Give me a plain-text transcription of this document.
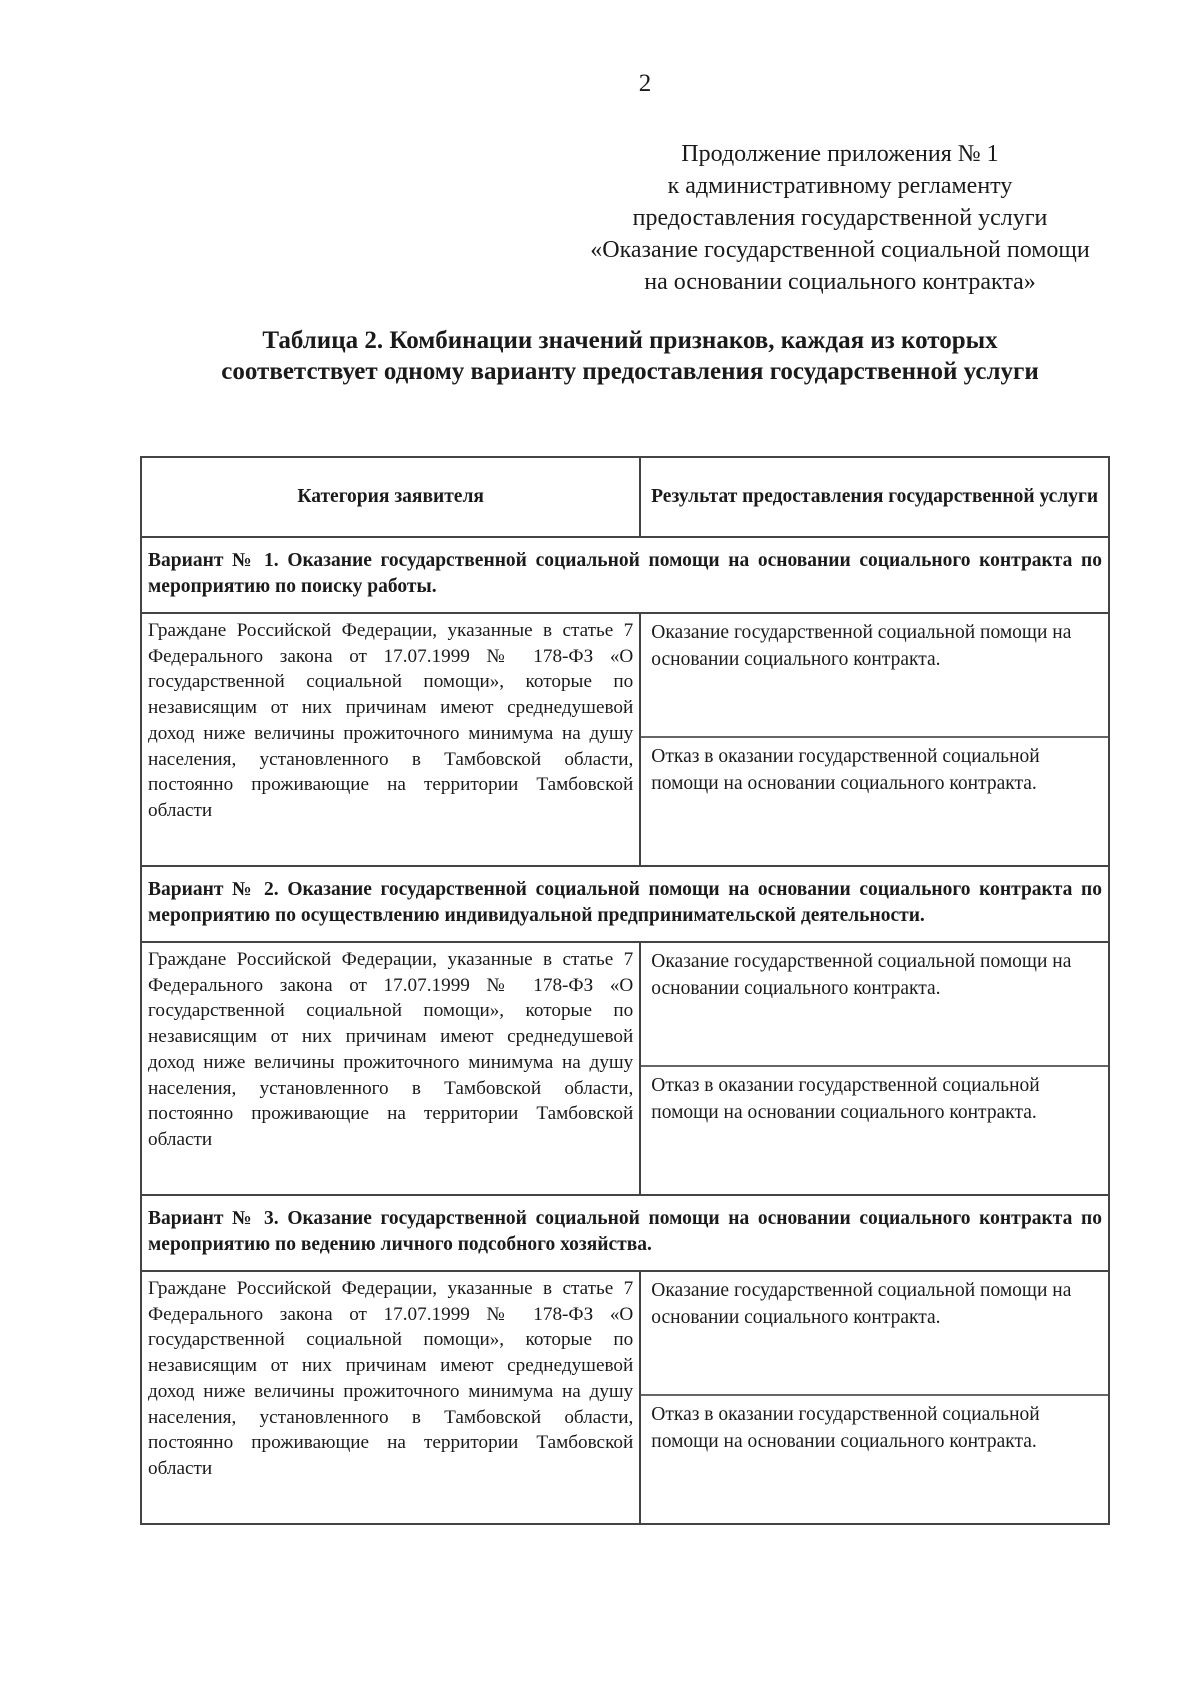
2
Продолжение приложения № 1
к административному регламенту
предоставления государственной услуги
«Оказание государственной социальной помощи
на основании социального контракта»
Таблица 2. Комбинации значений признаков, каждая из которых соответствует одному варианту предоставления государственной услуги
Категория заявителя	Результат предоставления государственной услуги
Вариант № 1. Оказание государственной социальной помощи на основании социального контракта по мероприятию по поиску работы.	
Граждане Российской Федерации, указанные в статье 7 Федерального закона от 17.07.1999 № 178-ФЗ «О государственной социальной помощи», которые по независящим от них причинам имеют среднедушевой доход ниже величины прожиточного минимума на душу населения, установленного в Тамбовской области, постоянно проживающие на территории Тамбовской области	Оказание государственной социальной помощи на основании социального контракта.
Отказ в оказании государственной социальной помощи на основании социального контракта.

Вариант № 2. Оказание государственной социальной помощи на основании социального контракта по мероприятию по осуществлению индивидуальной предпринимательской деятельности.	
Граждане Российской Федерации, указанные в статье 7 Федерального закона от 17.07.1999 № 178-ФЗ «О государственной социальной помощи», которые по независящим от них причинам имеют среднедушевой доход ниже величины прожиточного минимума на душу населения, установленного в Тамбовской области, постоянно проживающие на территории Тамбовской области	Оказание государственной социальной помощи на основании социального контракта.
Отказ в оказании государственной социальной помощи на основании социального контракта.

Вариант № 3. Оказание государственной социальной помощи на основании социального контракта по мероприятию по ведению личного подсобного хозяйства.	
Граждане Российской Федерации, указанные в статье 7 Федерального закона от 17.07.1999 № 178-ФЗ «О государственной социальной помощи», которые по независящим от них причинам имеют среднедушевой доход ниже величины прожиточного минимума на душу населения, установленного в Тамбовской области, постоянно проживающие на территории Тамбовской области	Оказание государственной социальной помощи на основании социального контракта.
Отказ в оказании государственной социальной помощи на основании социального контракта.
